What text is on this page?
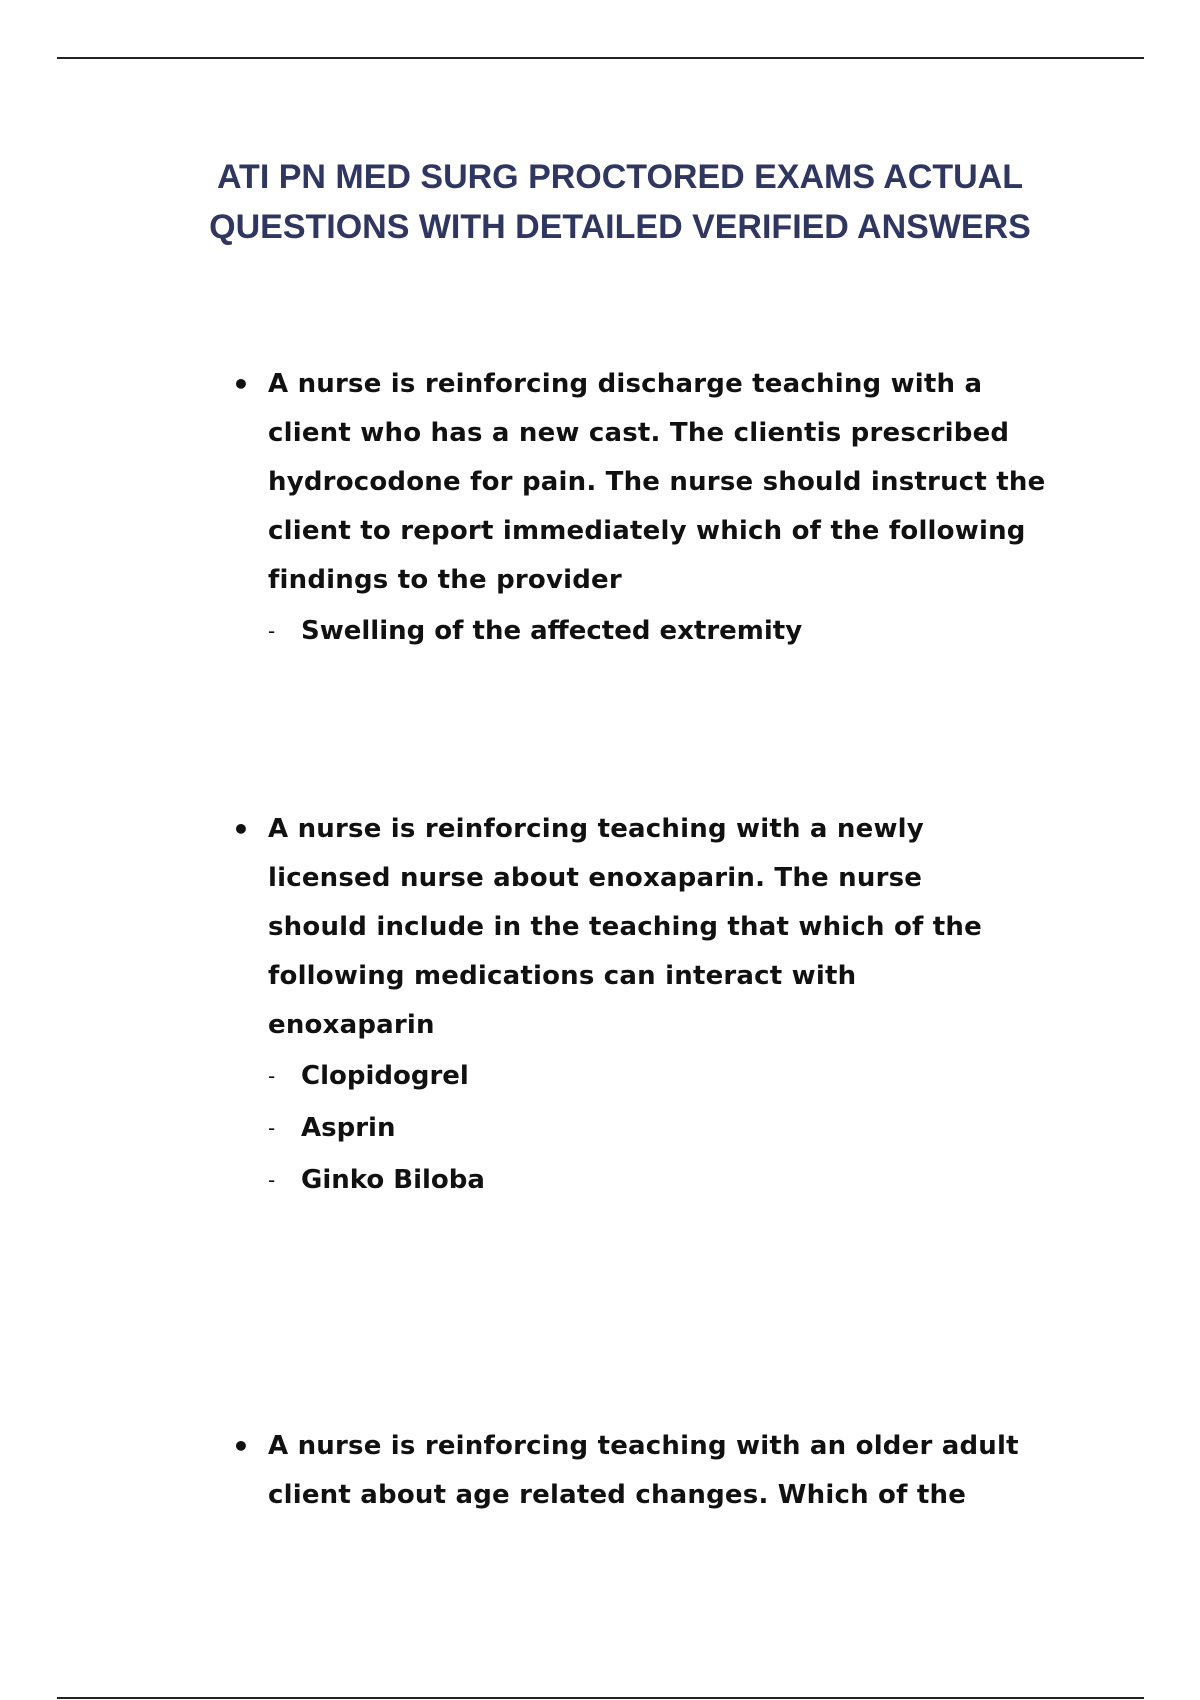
ATI PN MED SURG PROCTORED EXAMS ACTUAL
QUESTIONS WITH DETAILED VERIFIED ANSWERS
• A nurse is reinforcing discharge teaching with a
client who has a new cast. The clientis prescribed
hydrocodone for pain. The nurse should instruct the
client to report immediately which of the following
findings to the provider
- Swelling of the affected extremity
• A nurse is reinforcing teaching with a newly
licensed nurse about enoxaparin. The nurse
should include in the teaching that which of the
following medications can interact with
enoxaparin
- Clopidogrel
- Asprin
- Ginko Biloba
• A nurse is reinforcing teaching with an older adult
client about age related changes. Which of the
